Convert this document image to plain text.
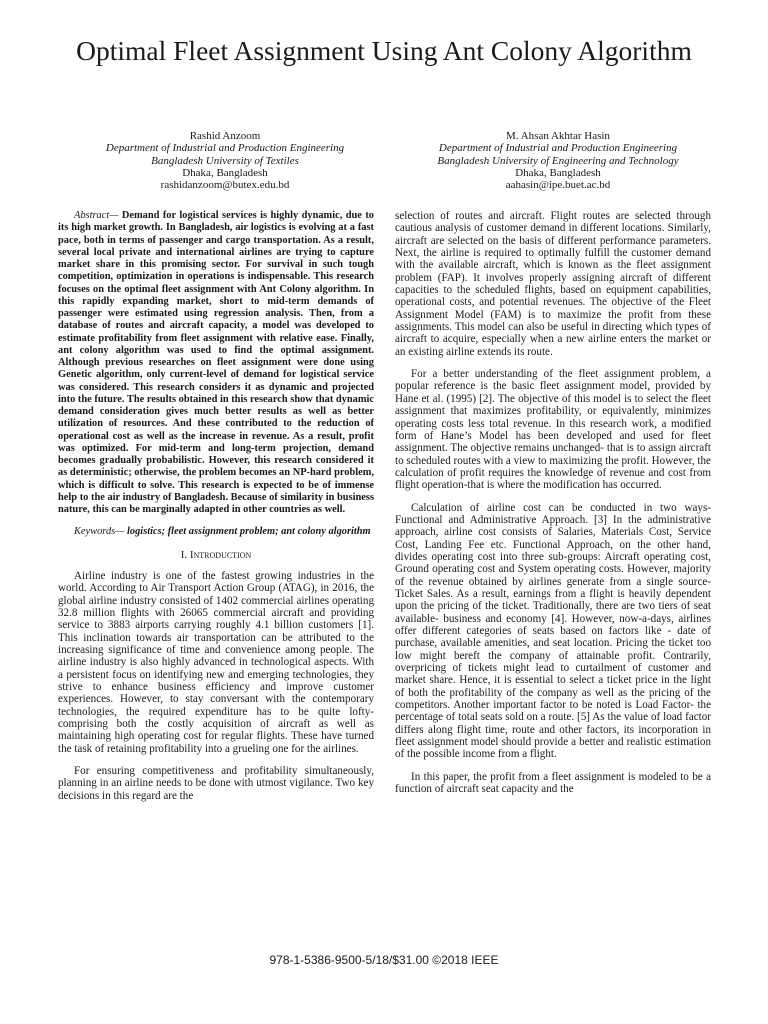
Optimal Fleet Assignment Using Ant Colony Algorithm
Rashid Anzoom
Department of Industrial and Production Engineering
Bangladesh University of Textiles
Dhaka, Bangladesh
rashidanzoom@butex.edu.bd
M. Ahsan Akhtar Hasin
Department of Industrial and Production Engineering
Bangladesh University of Engineering and Technology
Dhaka, Bangladesh
aahasin@ipe.buet.ac.bd

Abstract— Demand for logistical services is highly dynamic, due to its high market growth. In Bangladesh, air logistics is evolving at a fast pace, both in terms of passenger and cargo transportation. As a result, several local private and international airlines are trying to capture market share in this promising sector. For survival in such tough competition, optimization in operations is indispensable. This research focuses on the optimal fleet assignment with Ant Colony algorithm. In this rapidly expanding market, short to mid-term demands of passenger were estimated using regression analysis. Then, from a database of routes and aircraft capacity, a model was developed to estimate profitability from fleet assignment with relative ease. Finally, ant colony algorithm was used to find the optimal assignment. Although previous researches on fleet assignment were done using Genetic algorithm, only current-level of demand for logistical service was considered. This research considers it as dynamic and projected into the future. The results obtained in this research show that dynamic demand consideration gives much better results as well as better utilization of resources. And these contributed to the reduction of operational cost as well as the increase in revenue. As a result, profit was optimized. For mid-term and long-term projection, demand becomes gradually probabilistic. However, this research considered it as deterministic; otherwise, the problem becomes an NP-hard problem, which is difficult to solve. This research is expected to be of immense help to the air industry of Bangladesh. Because of similarity in business nature, this can be marginally adapted in other countries as well.

Keywords— logistics; fleet assignment problem; ant colony algorithm

I. Introduction

Airline industry is one of the fastest growing industries in the world. According to Air Transport Action Group (ATAG), in 2016, the global airline industry consisted of 1402 commercial airlines operating 32.8 million flights with 26065 commercial aircraft and providing service to 3883 airports carrying roughly 4.1 billion customers [1]. This inclination towards air transportation can be attributed to the increasing significance of time and convenience among people. The airline industry is also highly advanced in technological aspects. With a persistent focus on identifying new and emerging technologies, they strive to enhance business efficiency and improve customer experiences. However, to stay conversant with the contemporary technologies, the required expenditure has to be quite lofty- comprising both the costly acquisition of aircraft as well as maintaining high operating cost for regular flights. These have turned the task of retaining profitability into a grueling one for the airlines.

For ensuring competitiveness and profitability simultaneously, planning in an airline needs to be done with utmost vigilance. Two key decisions in this regard are the

selection of routes and aircraft. Flight routes are selected through cautious analysis of customer demand in different locations. Similarly, aircraft are selected on the basis of different performance parameters. Next, the airline is required to optimally fulfill the customer demand with the available aircraft, which is known as the fleet assignment problem (FAP). It involves properly assigning aircraft of different capacities to the scheduled flights, based on equipment capabilities, operational costs, and potential revenues. The objective of the Fleet Assignment Model (FAM) is to maximize the profit from these assignments. This model can also be useful in directing which types of aircraft to acquire, especially when a new airline enters the market or an existing airline extends its route.

For a better understanding of the fleet assignment problem, a popular reference is the basic fleet assignment model, provided by Hane et al. (1995) [2]. The objective of this model is to select the fleet assignment that maximizes profitability, or equivalently, minimizes operating costs less total revenue. In this research work, a modified form of Hane’s Model has been developed and used for fleet assignment. The objective remains unchanged- that is to assign aircraft to scheduled routes with a view to maximizing the profit. However, the calculation of profit requires the knowledge of revenue and cost from flight operation-that is where the modification has occurred.

Calculation of airline cost can be conducted in two ways- Functional and Administrative Approach. [3] In the administrative approach, airline cost consists of Salaries, Materials Cost, Service Cost, Landing Fee etc. Functional Approach, on the other hand, divides operating cost into three sub-groups: Aircraft operating cost, Ground operating cost and System operating costs. However, majority of the revenue obtained by airlines generate from a single source- Ticket Sales. As a result, earnings from a flight is heavily dependent upon the pricing of the ticket. Traditionally, there are two tiers of seat available- business and economy [4]. However, now-a-days, airlines offer different categories of seats based on factors like - date of purchase, available amenities, and seat location. Pricing the ticket too low might bereft the company of attainable profit. Contrarily, overpricing of tickets might lead to curtailment of customer and market share. Hence, it is essential to select a ticket price in the light of both the profitability of the company as well as the pricing of the competitors. Another important factor to be noted is Load Factor- the percentage of total seats sold on a route. [5] As the value of load factor differs along flight time, route and other factors, its incorporation in fleet assignment model should provide a better and realistic estimation of the possible income from a flight.

In this paper, the profit from a fleet assignment is modeled to be a function of aircraft seat capacity and the

978-1-5386-9500-5/18/$31.00 ©2018 IEEE
